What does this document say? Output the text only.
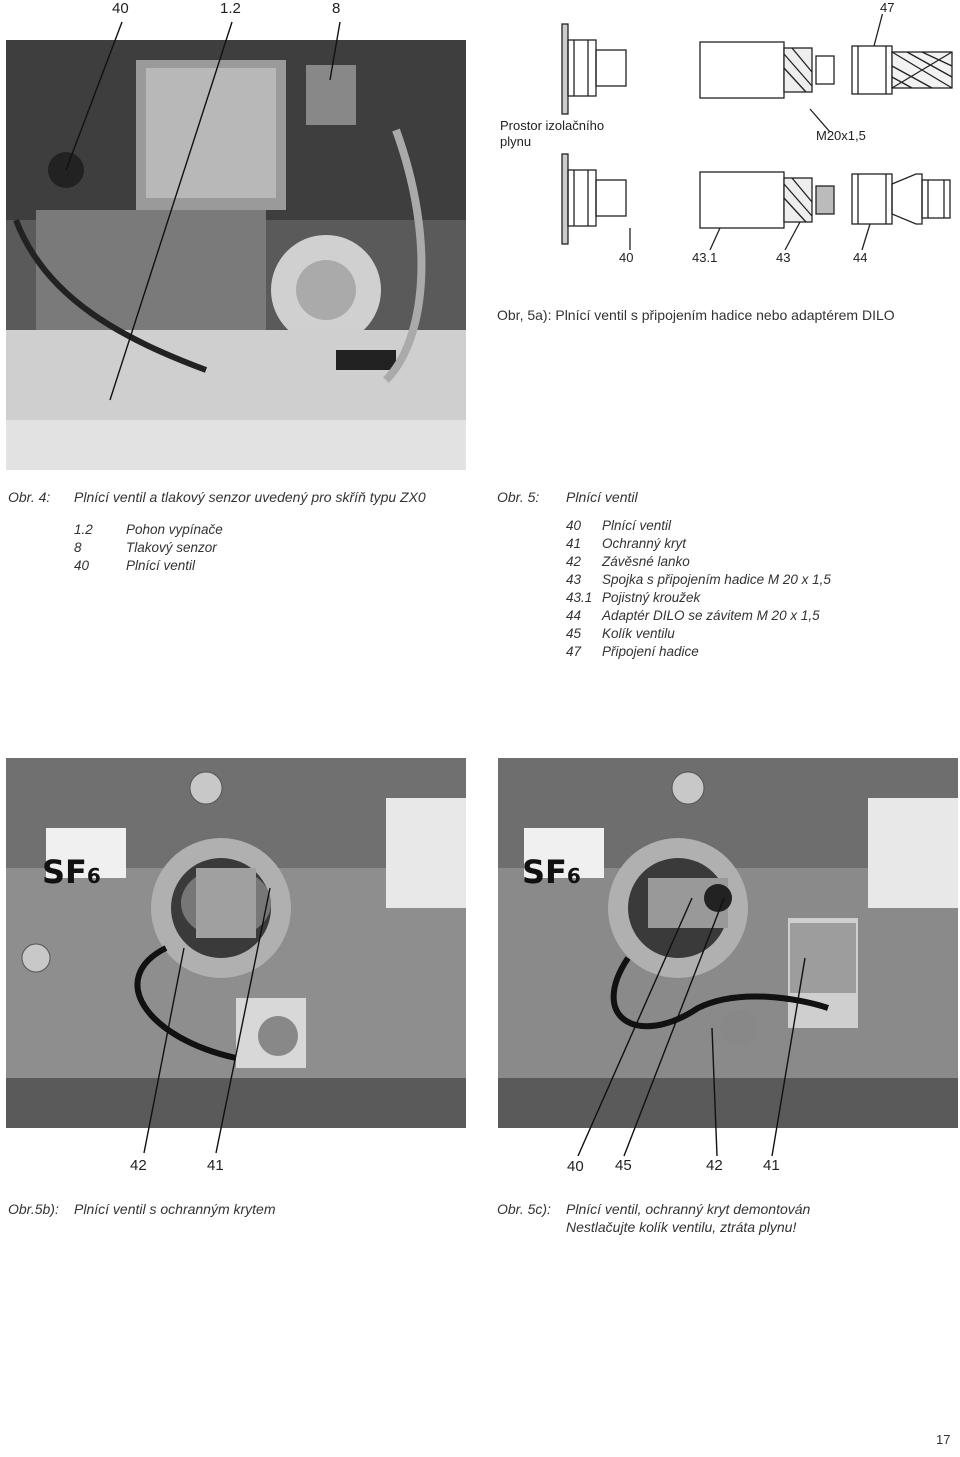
40	1.2	8	47
Prostor izolačního
plynu	M20x1,5
40	43.1	43	44
Obr, 5a): Plnící ventil s připojením hadice nebo adaptérem DILO
Obr. 4: Plnící ventil a tlakový senzor uvedený pro skříň typu ZX0
1.2 Pohon vypínače
8	Tlakový senzor
40	Plnící ventil
Obr. 5: Plnící ventil
40 Plnící ventil
41 Ochranný kryt
42 Závěsné lanko
43 Spojka s připojením hadice M 20 x 1,5
43.1 Pojistný kroužek
44 Adaptér DILO se závitem M 20 x 1,5
45 Kolík ventilu
47 Připojení hadice
SF6
42	41
Obr.5b): Plnící ventil s ochranným krytem
SF6
40 45	42	41
Obr. 5c): Plnící ventil, ochranný kryt demontován
Nestlačujte kolík ventilu, ztráta plynu!
17
